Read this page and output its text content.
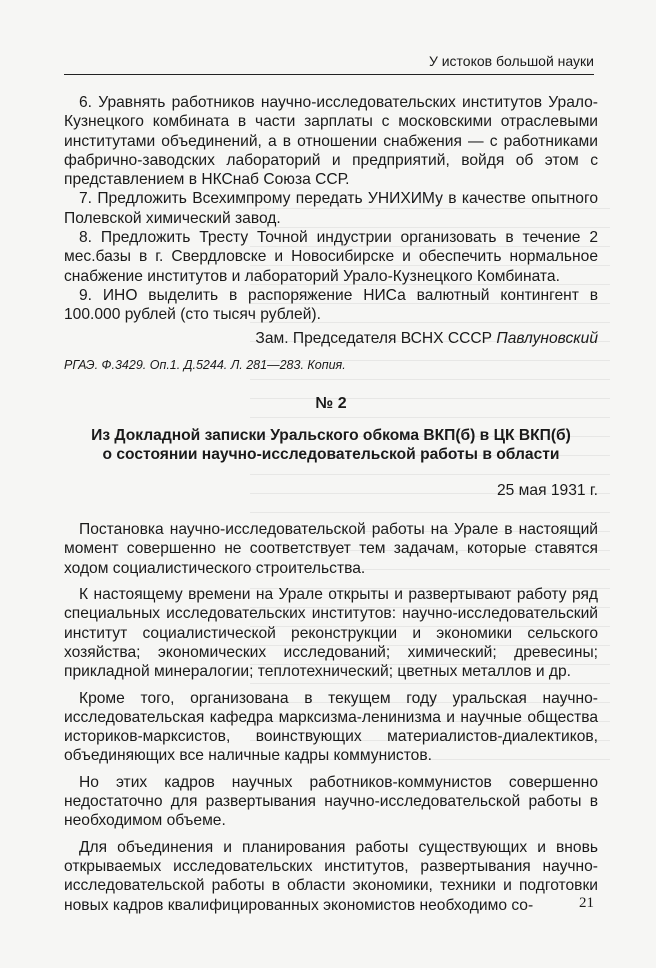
У истоков большой науки

6. Уравнять работников научно-исследовательских институтов Урало-Кузнецкого комбината в части зарплаты с московскими отраслевыми институтами объединений, а в отношении снабжения — с работниками фабрично-заводских лабораторий и предприятий, войдя об этом с представлением в НКСнаб Союза ССР.

7. Предложить Всехимпрому передать УНИХИМу в качестве опытного Полевской химический завод.

8. Предложить Тресту Точной индустрии организовать в течение 2 мес.базы в г. Свердловске и Новосибирске и обеспечить нормальное снабжение институтов и лабораторий Урало-Кузнецкого Комбината.

9. ИНО выделить в распоряжение НИСа валютный контингент в 100.000 рублей (сто тысяч рублей).

Зам. Председателя ВСНХ СССР Павлуновский

РГАЭ. Ф.3429. Оп.1. Д.5244. Л. 281—283. Копия.

№ 2

Из Докладной записки Уральского обкома ВКП(б) в ЦК ВКП(б)

о состоянии научно-исследовательской работы в области

25 мая 1931 г.

Постановка научно-исследовательской работы на Урале в настоящий момент совершенно не соответствует тем задачам, которые ставятся ходом социалистического строительства.

К настоящему времени на Урале открыты и развертывают работу ряд специальных исследовательских институтов: научно-исследовательский институт социалистической реконструкции и экономики сельского хозяйства; экономических исследований; химический; древесины; прикладной минералогии; теплотехнический; цветных металлов и др.

Кроме того, организована в текущем году уральская научно-исследовательская кафедра марксизма-ленинизма и научные общества историков-марксистов, воинствующих материалистов-диалектиков, объединяющих все наличные кадры коммунистов.

Но этих кадров научных работников-коммунистов совершенно недостаточно для развертывания научно-исследовательской работы в необходимом объеме.

Для объединения и планирования работы существующих и вновь открываемых исследовательских институтов, развертывания научно-исследовательской работы в области экономики, техники и подготовки новых кадров квалифицированных экономистов необходимо со-	21
